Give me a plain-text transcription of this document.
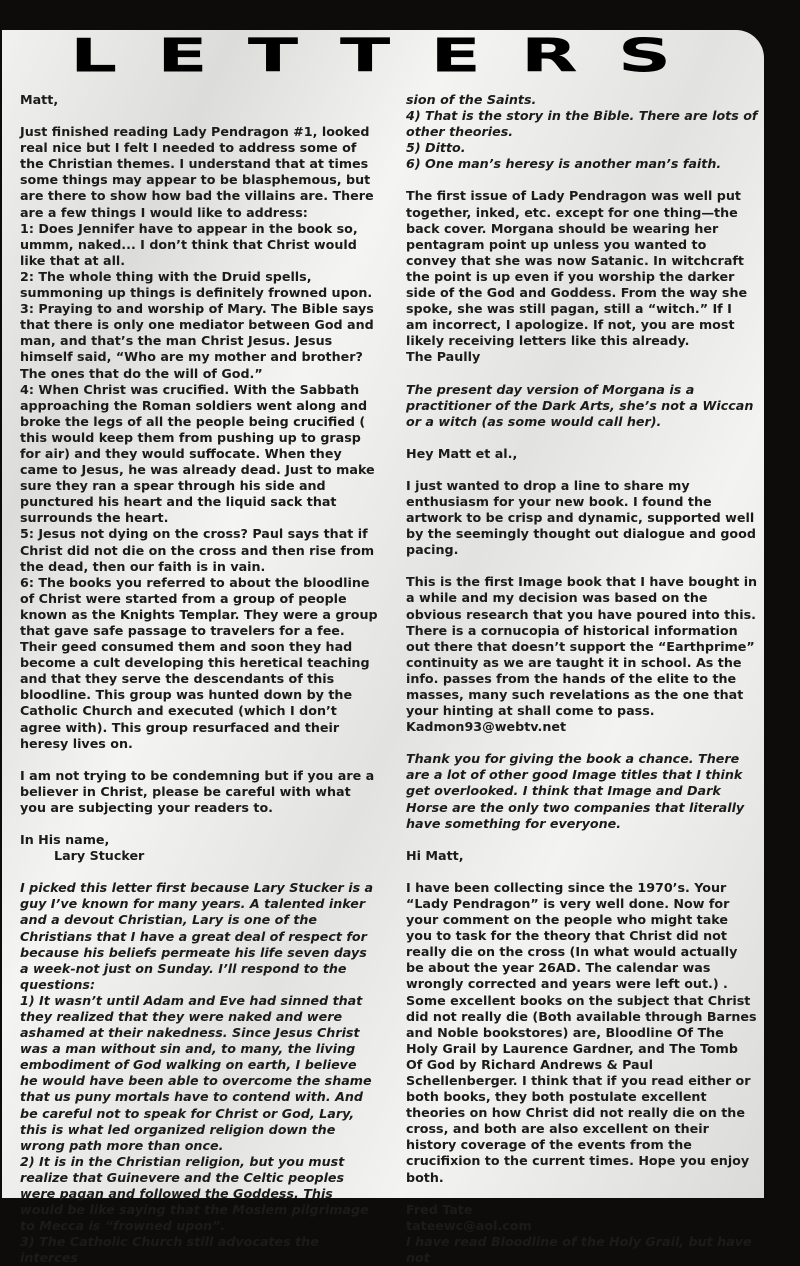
LETTERS

Matt,

Just finished reading Lady Pendragon #1, looked real nice but I felt I needed to address some of the Christian themes. I understand that at times some things may appear to be blasphemous, but are there to show how bad the villains are. There are a few things I would like to address:

1: Does Jennifer have to appear in the book so, ummm, naked... I don’t think that Christ would like that at all.

2: The whole thing with the Druid spells, summoning up things is definitely frowned upon.

3: Praying to and worship of Mary. The Bible says that there is only one mediator between God and man, and that’s the man Christ Jesus. Jesus himself said, “Who are my mother and brother? The ones that do the will of God.”

4: When Christ was crucified. With the Sabbath approaching the Roman soldiers went along and broke the legs of all the people being crucified ( this would keep them from pushing up to grasp for air) and they would suffocate. When they came to Jesus, he was already dead. Just to make sure they ran a spear through his side and punctured his heart and the liquid sack that surrounds the heart.

5: Jesus not dying on the cross? Paul says that if Christ did not die on the cross and then rise from the dead, then our faith is in vain.

6: The books you referred to about the bloodline of Christ were started from a group of people known as the Knights Templar. They were a group that gave safe passage to travelers for a fee. Their geed consumed them and soon they had become a cult developing this heretical teaching and that they serve the descendants of this bloodline. This group was hunted down by the Catholic Church and executed (which I don’t agree with). This group resurfaced and their heresy lives on.

I am not trying to be condemning but if you are a believer in Christ, please be careful with what you are subjecting your readers to.

In His name,

Lary Stucker

I picked this letter first because Lary Stucker is a guy I’ve known for many years. A talented inker and a devout Christian, Lary is one of the Christians that I have a great deal of respect for because his beliefs permeate his life seven days a week-not just on Sunday. I’ll respond to the questions:

1) It wasn’t until Adam and Eve had sinned that they realized that they were naked and were ashamed at their nakedness. Since Jesus Christ was a man without sin and, to many, the living embodiment of God walking on earth, I believe he would have been able to overcome the shame that us puny mortals have to contend with. And be careful not to speak for Christ or God, Lary, this is what led organized religion down the wrong path more than once.

2) It is in the Christian religion, but you must realize that Guinevere and the Celtic peoples were pagan and followed the Goddess. This would be like saying that the Moslem pilgrimage to Mecca is “frowned upon”.

3) The Catholic Church still advocates the interces

sion of the Saints.

4) That is the story in the Bible. There are lots of other theories.

5) Ditto.

6) One man’s heresy is another man’s faith.

The first issue of Lady Pendragon was well put together, inked, etc. except for one thing—the back cover. Morgana should be wearing her pentagram point up unless you wanted to convey that she was now Satanic. In witchcraft the point is up even if you worship the darker side of the God and Goddess. From the way she spoke, she was still pagan, still a “witch.” If I am incorrect, I apologize. If not, you are most likely receiving letters like this already.

The Paully

The present day version of Morgana is a practitioner of the Dark Arts, she’s not a Wiccan or a witch (as some would call her).

Hey Matt et al.,

I just wanted to drop a line to share my enthusiasm for your new book. I found the artwork to be crisp and dynamic, supported well by the seemingly thought out dialogue and good pacing.

This is the first Image book that I have bought in a while and my decision was based on the obvious research that you have poured into this. There is a cornucopia of historical information out there that doesn’t support the “Earthprime” continuity as we are taught it in school. As the info. passes from the hands of the elite to the masses, many such revelations as the one that your hinting at shall come to pass.

Kadmon93@webtv.net

Thank you for giving the book a chance. There are a lot of other good Image titles that I think get overlooked. I think that Image and Dark Horse are the only two companies that literally have something for everyone.

Hi Matt,

I have been collecting since the 1970’s. Your “Lady Pendragon” is very well done. Now for your comment on the people who might take you to task for the theory that Christ did not really die on the cross (In what would actually be about the year 26AD. The calendar was wrongly corrected and years were left out.) . Some excellent books on the subject that Christ did not really die (Both available through Barnes and Noble bookstores) are, Bloodline Of The Holy Grail by Laurence Gardner, and The Tomb Of God by Richard Andrews & Paul Schellenberger. I think that if you read either or both books, they both postulate excellent theories on how Christ did not really die on the cross, and both are also excellent on their history coverage of the events from the crucifixion to the current times. Hope you enjoy both.

Fred Tate

tateewc@aol.com

I have read Bloodline of the Holy Grail, but have not
